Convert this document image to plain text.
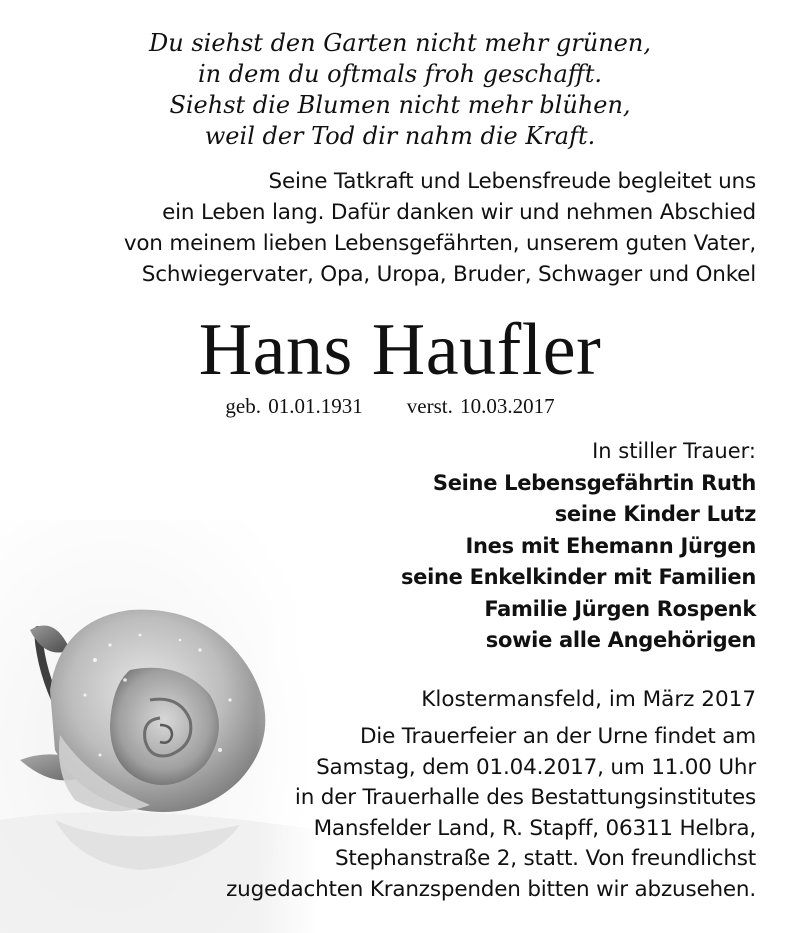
Du siehst den Garten nicht mehr grünen,
in dem du oftmals froh geschafft.
Siehst die Blumen nicht mehr blühen,
weil der Tod dir nahm die Kraft.
Seine Tatkraft und Lebensfreude begleitet uns
ein Leben lang. Dafür danken wir und nehmen Abschied
von meinem lieben Lebensgefährten, unserem guten Vater,
Schwiegervater, Opa, Uropa, Bruder, Schwager und Onkel
Hans Haufler
geb. 01.01.1931 verst. 10.03.2017
In stiller Trauer:
Seine Lebensgefährtin Ruth
seine Kinder Lutz
Ines mit Ehemann Jürgen
seine Enkelkinder mit Familien
Familie Jürgen Rospenk
sowie alle Angehörigen
Klostermansfeld, im März 2017
Die Trauerfeier an der Urne findet am
Samstag, dem 01.04.2017, um 11.00 Uhr
in der Trauerhalle des Bestattungsinstitutes
Mansfelder Land, R. Stapff, 06311 Helbra,
Stephanstraße 2, statt. Von freundlichst
zugedachten Kranzspenden bitten wir abzusehen.
